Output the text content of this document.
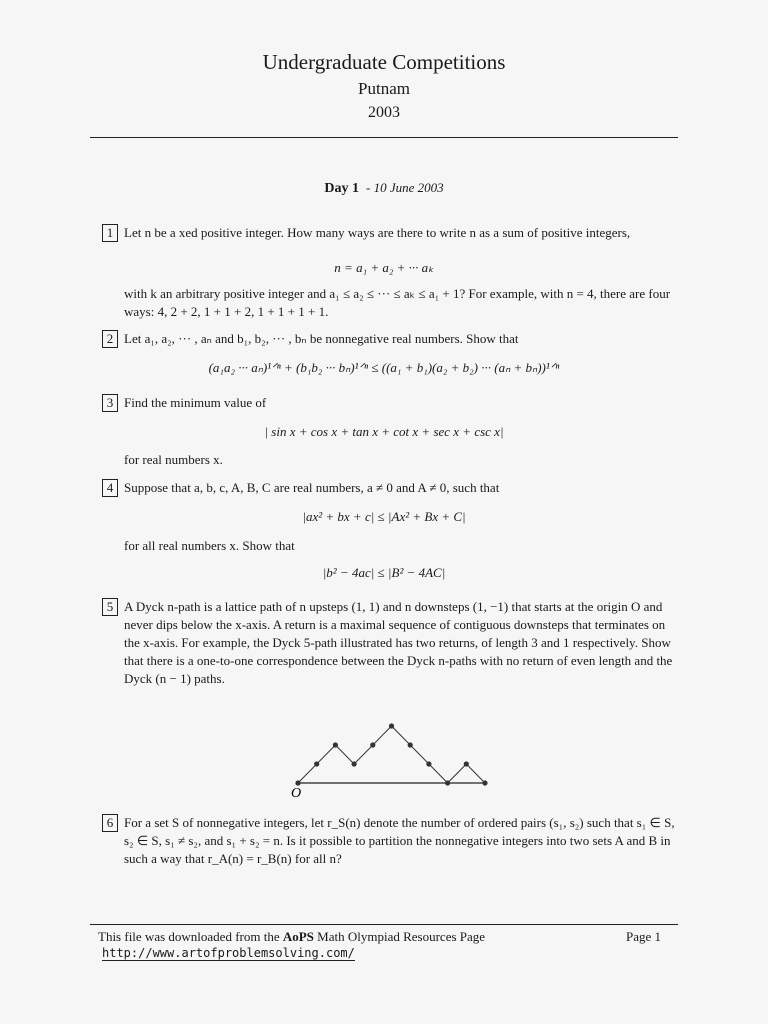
Undergraduate Competitions
Putnam
2003
Day 1 - 10 June 2003
1 Let n be a xed positive integer. How many ways are there to write n as a sum of positive integers,
n = a₁ + a₂ + ··· aₖ
with k an arbitrary positive integer and a₁ ≤ a₂ ≤ ··· ≤ aₖ ≤ a₁ + 1? For example, with n = 4, there are four ways: 4, 2 + 2, 1 + 1 + 2, 1 + 1 + 1 + 1.
2 Let a₁, a₂, ··· , aₙ and b₁, b₂, ··· , bₙ be nonnegative real numbers. Show that
(a₁a₂ ··· aₙ)¹ᐟⁿ + (b₁b₂ ··· bₙ)¹ᐟⁿ ≤ ((a₁ + b₁)(a₂ + b₂) ··· (aₙ + bₙ))¹ᐟⁿ
3 Find the minimum value of
| sin x + cos x + tan x + cot x + sec x + csc x|
for real numbers x.
4 Suppose that a, b, c, A, B, C are real numbers, a ≠ 0 and A ≠ 0, such that
|ax² + bx + c| ≤ |Ax² + Bx + C|
for all real numbers x. Show that
|b² − 4ac| ≤ |B² − 4AC|
5 A Dyck n-path is a lattice path of n upsteps (1, 1) and n downsteps (1, −1) that starts at the origin O and never dips below the x-axis. A return is a maximal sequence of contiguous downsteps that terminates on the x-axis. For example, the Dyck 5-path illustrated has two returns, of length 3 and 1 respectively. Show that there is a one-to-one correspondence between the Dyck n-paths with no return of even length and the Dyck (n − 1) paths.
O
6 For a set S of nonnegative integers, let r_S(n) denote the number of ordered pairs (s₁, s₂) such that s₁ ∈ S, s₂ ∈ S, s₁ ≠ s₂, and s₁ + s₂ = n. Is it possible to partition the nonnegative integers into two sets A and B in such a way that r_A(n) = r_B(n) for all n?
This file was downloaded from the AoPS Math Olympiad Resources Page	Page 1
http://www.artofproblemsolving.com/
